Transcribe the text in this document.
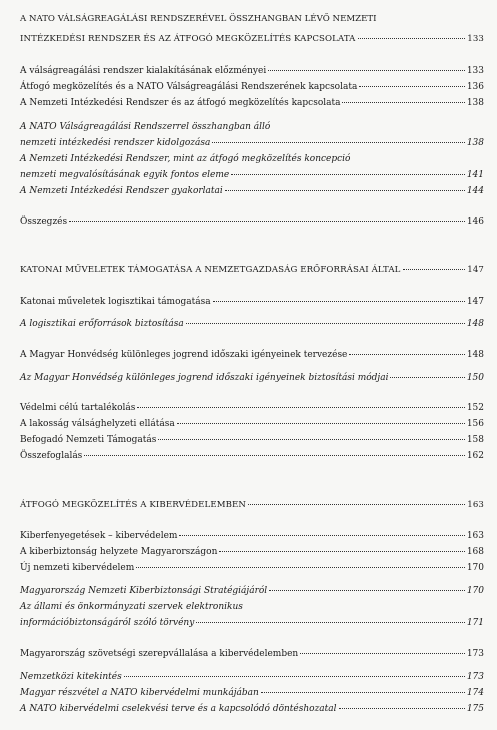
A NATO VÁLSÁGREAGÁLÁSI RENDSZERÉVEL ÖSSZHANGBAN LÉVŐ NEMZETI
INTÉZKEDÉSI RENDSZER ÉS AZ ÁTFOGÓ MEGKÖZELÍTÉS KAPCSOLATA	133
A válságreagálási rendszer kialakításának előzményei	133
Átfogó megközelítés és a NATO Válságreagálási Rendszerének kapcsolata	136
A Nemzeti Intézkedési Rendszer és az átfogó megközelítés kapcsolata	138
A NATO Válságreagálási Rendszerrel összhangban álló
nemzeti intézkedési rendszer kidolgozása	138
A Nemzeti Intézkedési Rendszer, mint az átfogó megközelítés koncepció
nemzeti megvalósításának egyik fontos eleme	141
A Nemzeti Intézkedési Rendszer gyakorlatai	144
Összegzés	146
KATONAI MŰVELETEK TÁMOGATÁSA A NEMZETGAZDASÁG ERŐFORRÁSAI ÁLTAL	147
Katonai műveletek logisztikai támogatása	147
A logisztikai erőforrások biztosítása	148
A Magyar Honvédség különleges jogrend időszaki igényeinek tervezése	148
Az Magyar Honvédség különleges jogrend időszaki igényeinek biztosítási módjai	150
Védelmi célú tartalékolás	152
A lakosság válsághelyzeti ellátása	156
Befogadó Nemzeti Támogatás	158
Összefoglalás	162
ÁTFOGÓ MEGKÖZELÍTÉS A KIBERVÉDELEMBEN	163
Kiberfenyegetések – kibervédelem	163
A kiberbiztonság helyzete Magyarországon	168
Új nemzeti kibervédelem	170
Magyarország Nemzeti Kiberbiztonsági Stratégiájáról	170
Az állami és önkormányzati szervek elektronikus
információbiztonságáról szóló törvény	171
Magyarország szövetségi szerepvállalása a kibervédelemben	173
Nemzetközi kitekintés	173
Magyar részvétel a NATO kibervédelmi munkájában	174
A NATO kibervédelmi cselekvési terve és a kapcsolódó döntéshozatal	175
